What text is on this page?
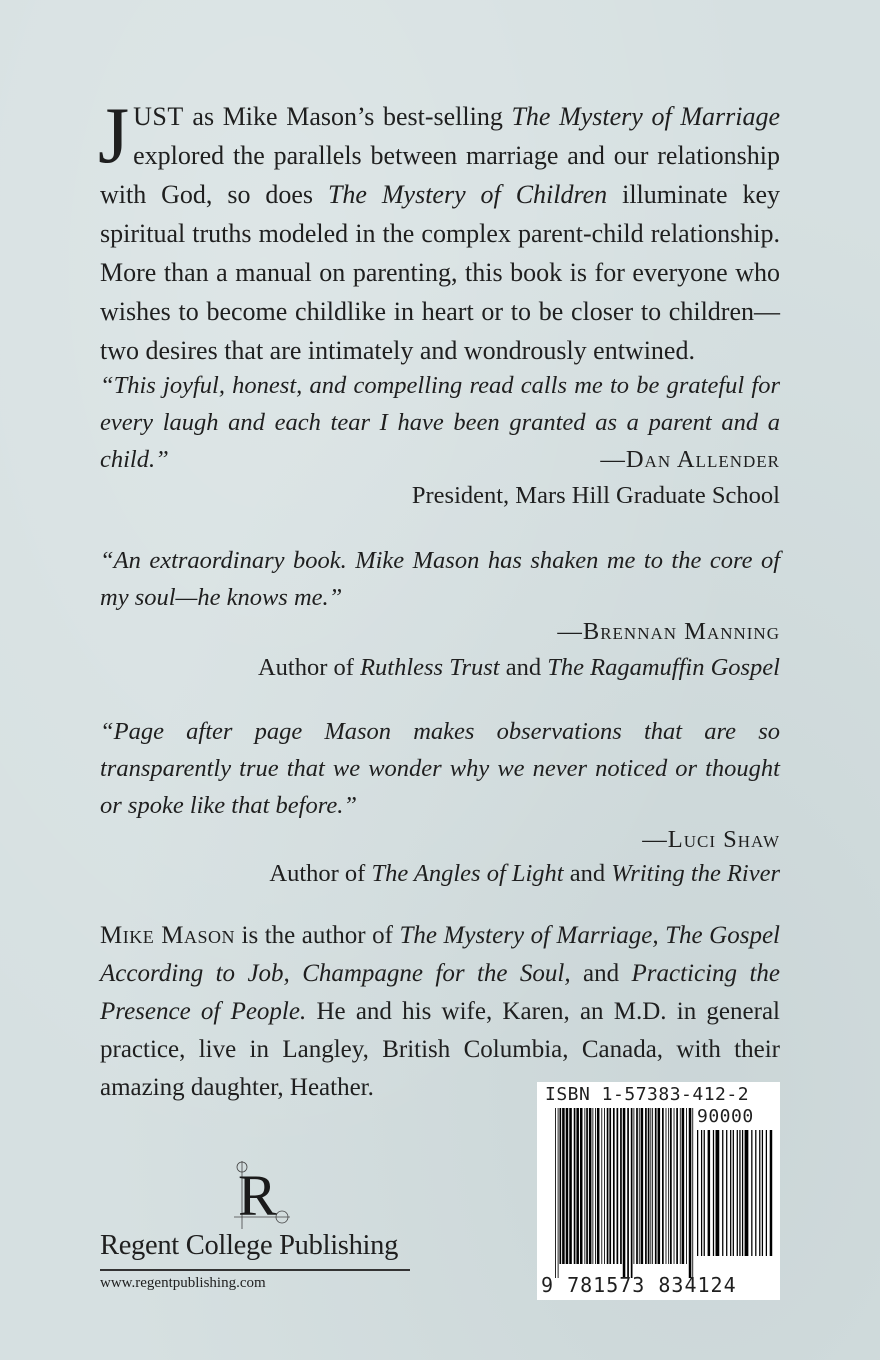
J UST as Mike Mason’s best-selling The Mystery of Marriage explored the parallels between marriage and our relationship with God, so does The Mystery of Children illuminate key spiritual truths modeled in the complex parent-child relationship. More than a manual on parenting, this book is for everyone who wishes to become childlike in heart or to be closer to children—two desires that are intimately and wondrously entwined.

“This joyful, honest, and compelling read calls me to be grateful for every laugh and each tear I have been granted as a parent and a child.”	—Dan Allender

President, Mars Hill Graduate School

“An extraordinary book. Mike Mason has shaken me to the core of my soul—he knows me.”

—Brennan Manning

Author of Ruthless Trust and The Ragamuffin Gospel

“Page after page Mason makes observations that are so transparently true that we wonder why we never noticed or thought or spoke like that before.”

—Luci Shaw

Author of The Angles of Light and Writing the River

Mike Mason is the author of The Mystery of Marriage, The Gospel According to Job, Champagne for the Soul, and Practicing the Presence of People. He and his wife, Karen, an M.D. in general practice, live in Langley, British Columbia, Canada, with their amazing daughter, Heather.

R
Regent College Publishing
www.regentpublishing.com
ISBN 1-57383-412-2
90000
9 781573 834124
